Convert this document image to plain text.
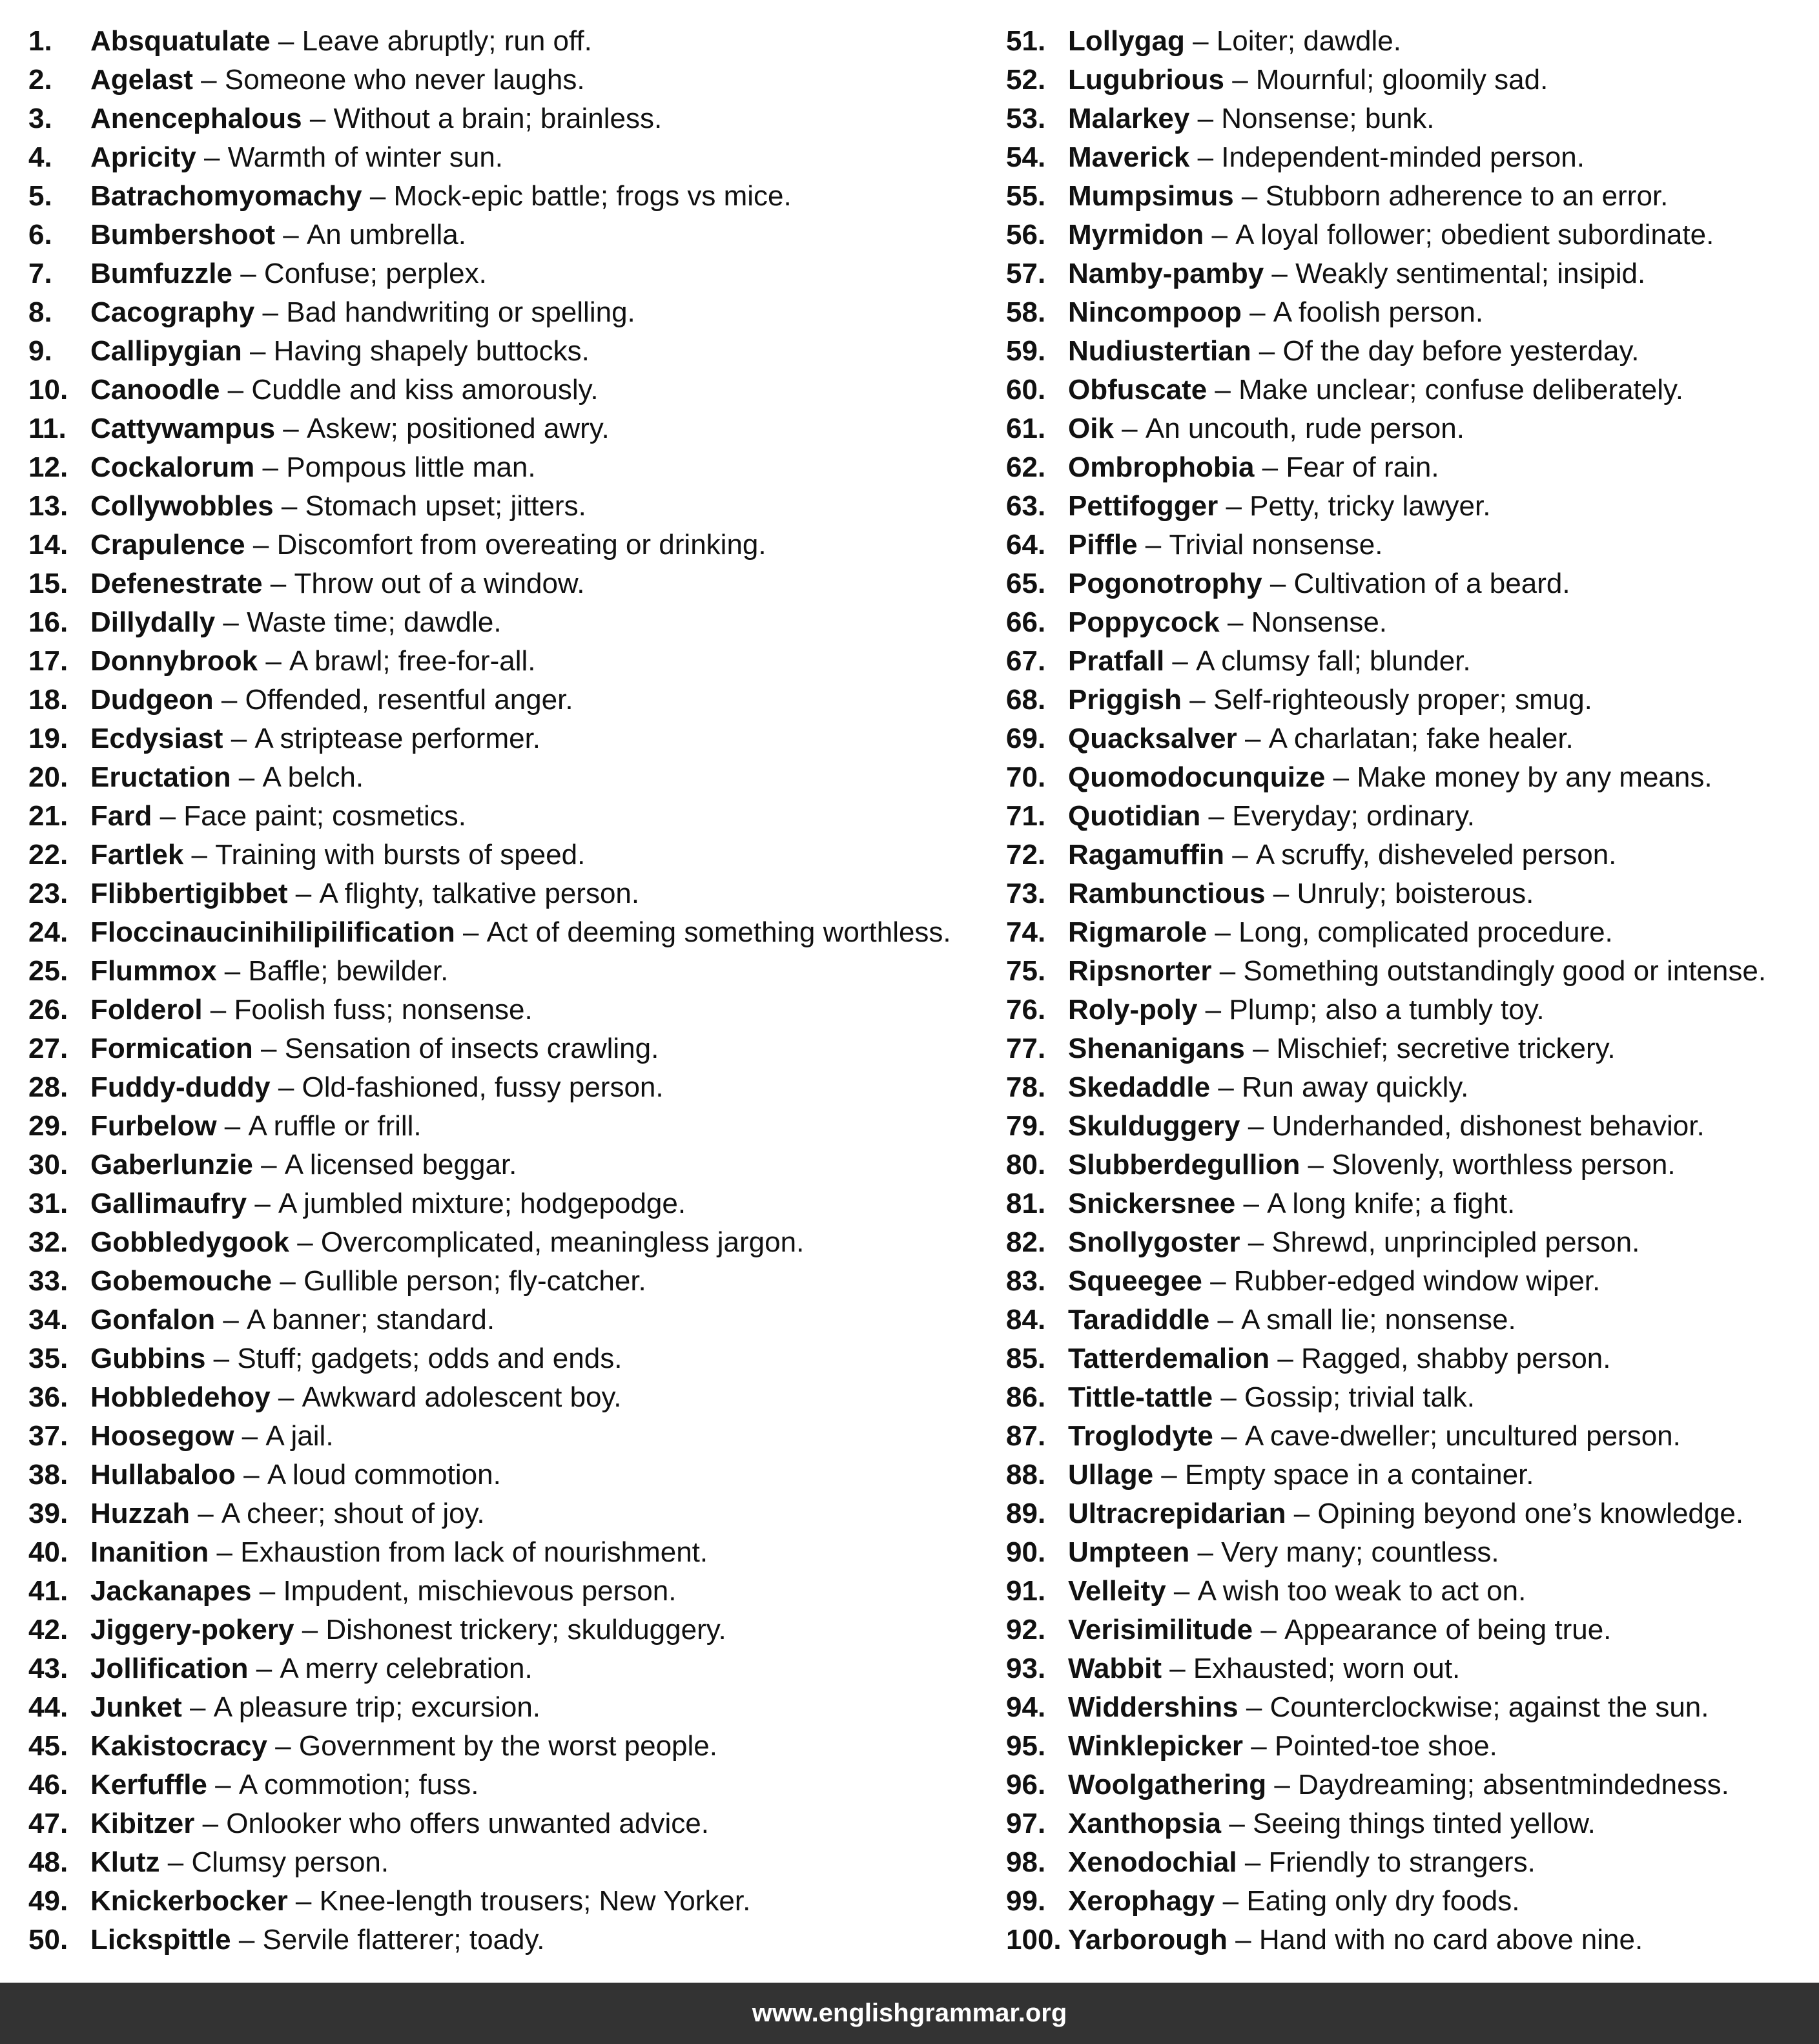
1.	Absquatulate – Leave abruptly; run off.
2.	Agelast – Someone who never laughs.
3.	Anencephalous – Without a brain; brainless.
4.	Apricity – Warmth of winter sun.
5.	Batrachomyomachy – Mock-epic battle; frogs vs mice.
6.	Bumbershoot – An umbrella.
7.	Bumfuzzle – Confuse; perplex.
8.	Cacography – Bad handwriting or spelling.
9.	Callipygian – Having shapely buttocks.
10. Canoodle – Cuddle and kiss amorously.
11. Cattywampus – Askew; positioned awry.
12. Cockalorum – Pompous little man.
13. Collywobbles – Stomach upset; jitters.
14. Crapulence – Discomfort from overeating or drinking.
15. Defenestrate – Throw out of a window.
16. Dillydally – Waste time; dawdle.
17. Donnybrook – A brawl; free-for-all.
18. Dudgeon – Offended, resentful anger.
19. Ecdysiast – A striptease performer.
20. Eructation – A belch.
21. Fard – Face paint; cosmetics.
22. Fartlek – Training with bursts of speed.
23. Flibbertigibbet – A flighty, talkative person.
24. Floccinaucinihilipilification – Act of deeming something worthless.
25. Flummox – Baffle; bewilder.
26. Folderol – Foolish fuss; nonsense.
27. Formication – Sensation of insects crawling.
28. Fuddy-duddy – Old-fashioned, fussy person.
29. Furbelow – A ruffle or frill.
30. Gaberlunzie – A licensed beggar.
31. Gallimaufry – A jumbled mixture; hodgepodge.
32. Gobbledygook – Overcomplicated, meaningless jargon.
33. Gobemouche – Gullible person; fly-catcher.
34. Gonfalon – A banner; standard.
35. Gubbins – Stuff; gadgets; odds and ends.
36. Hobbledehoy – Awkward adolescent boy.
37. Hoosegow – A jail.
38. Hullabaloo – A loud commotion.
39. Huzzah – A cheer; shout of joy.
40. Inanition – Exhaustion from lack of nourishment.
41. Jackanapes – Impudent, mischievous person.
42. Jiggery-pokery – Dishonest trickery; skulduggery.
43. Jollification – A merry celebration.
44. Junket – A pleasure trip; excursion.
45. Kakistocracy – Government by the worst people.
46. Kerfuffle – A commotion; fuss.
47. Kibitzer – Onlooker who offers unwanted advice.
48. Klutz – Clumsy person.
49. Knickerbocker – Knee-length trousers; New Yorker.
50. Lickspittle – Servile flatterer; toady.
51. Lollygag – Loiter; dawdle.
52. Lugubrious – Mournful; gloomily sad.
53. Malarkey – Nonsense; bunk.
54. Maverick – Independent-minded person.
55. Mumpsimus – Stubborn adherence to an error.
56. Myrmidon – A loyal follower; obedient subordinate.
57. Namby-pamby – Weakly sentimental; insipid.
58. Nincompoop – A foolish person.
59. Nudiustertian – Of the day before yesterday.
60. Obfuscate – Make unclear; confuse deliberately.
61. Oik – An uncouth, rude person.
62. Ombrophobia – Fear of rain.
63. Pettifogger – Petty, tricky lawyer.
64. Piffle – Trivial nonsense.
65. Pogonotrophy – Cultivation of a beard.
66. Poppycock – Nonsense.
67. Pratfall – A clumsy fall; blunder.
68. Priggish – Self-righteously proper; smug.
69. Quacksalver – A charlatan; fake healer.
70. Quomodocunquize – Make money by any means.
71. Quotidian – Everyday; ordinary.
72. Ragamuffin – A scruffy, disheveled person.
73. Rambunctious – Unruly; boisterous.
74. Rigmarole – Long, complicated procedure.
75. Ripsnorter – Something outstandingly good or intense.
76. Roly-poly – Plump; also a tumbly toy.
77. Shenanigans – Mischief; secretive trickery.
78. Skedaddle – Run away quickly.
79. Skulduggery – Underhanded, dishonest behavior.
80. Slubberdegullion – Slovenly, worthless person.
81. Snickersnee – A long knife; a fight.
82. Snollygoster – Shrewd, unprincipled person.
83. Squeegee – Rubber-edged window wiper.
84. Taradiddle – A small lie; nonsense.
85. Tatterdemalion – Ragged, shabby person.
86. Tittle-tattle – Gossip; trivial talk.
87. Troglodyte – A cave-dweller; uncultured person.
88. Ullage – Empty space in a container.
89. Ultracrepidarian – Opining beyond one’s knowledge.
90. Umpteen – Very many; countless.
91. Velleity – A wish too weak to act on.
92. Verisimilitude – Appearance of being true.
93. Wabbit – Exhausted; worn out.
94. Widdershins – Counterclockwise; against the sun.
95. Winklepicker – Pointed-toe shoe.
96. Woolgathering – Daydreaming; absentmindedness.
97. Xanthopsia – Seeing things tinted yellow.
98. Xenodochial – Friendly to strangers.
99. Xerophagy – Eating only dry foods.
100. Yarborough – Hand with no card above nine.
www.englishgrammar.org
